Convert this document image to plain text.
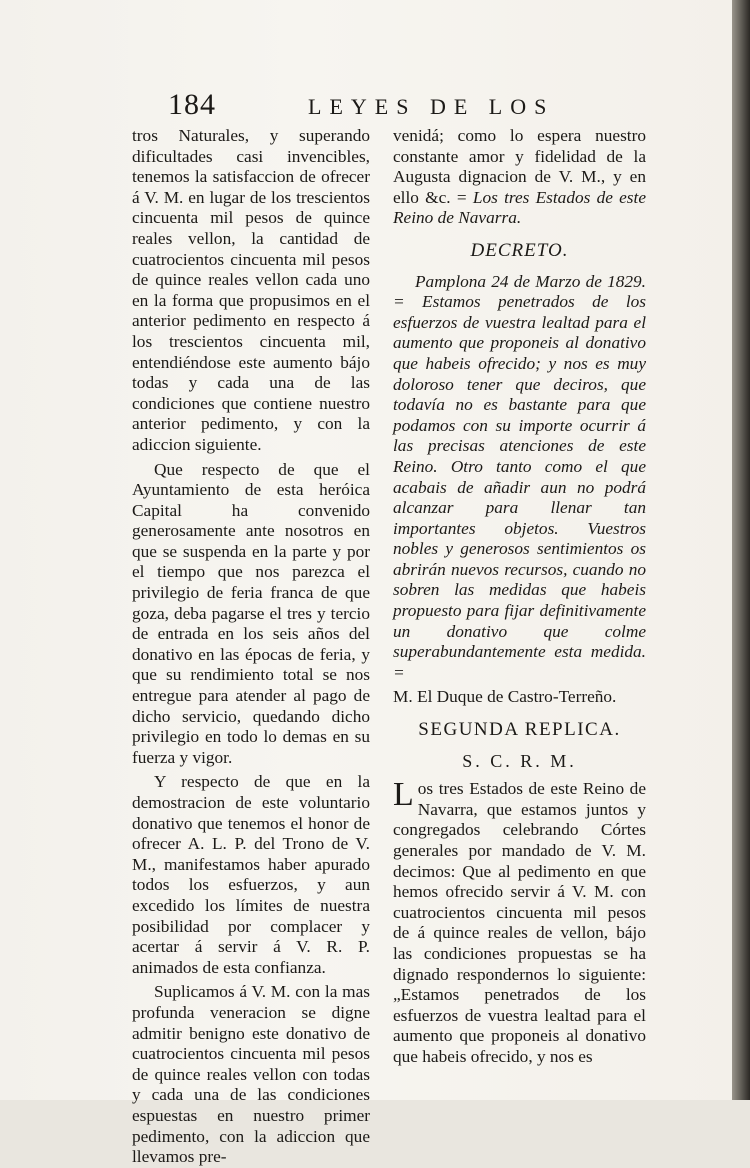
184	LEYES DE LOS

tros Naturales, y superando dificultades casi invencibles, tenemos la satisfaccion de ofrecer á V. M. en lugar de los trescientos cincuenta mil pesos de quince reales vellon, la cantidad de cuatrocientos cincuenta mil pesos de quince reales vellon cada uno en la forma que propusimos en el anterior pedimento en respecto á los trescientos cincuenta mil, entendiéndose este aumento bájo todas y cada una de las condiciones que contiene nuestro anterior pedimento, y con la adiccion siguiente.

Que respecto de que el Ayuntamiento de esta heróica Capital ha convenido generosamente ante nosotros en que se suspenda en la parte y por el tiempo que nos parezca el privilegio de feria franca de que goza, deba pagarse el tres y tercio de entrada en los seis años del donativo en las épocas de feria, y que su rendimiento total se nos entregue para atender al pago de dicho servicio, quedando dicho privilegio en todo lo demas en su fuerza y vigor.

Y respecto de que en la demostracion de este voluntario donativo que tenemos el honor de ofrecer A. L. P. del Trono de V. M., manifestamos haber apurado todos los esfuerzos, y aun excedido los límites de nuestra posibilidad por complacer y acertar á servir á V. R. P. animados de esta confianza.

Suplicamos á V. M. con la mas profunda veneracion se digne admitir benigno este donativo de cuatrocientos cincuenta mil pesos de quince reales vellon con todas y cada una de las condiciones espuestas en nuestro primer pedimento, con la adiccion que llevamos pre-

venidá; como lo espera nuestro constante amor y fidelidad de la Augusta dignacion de V. M., y en ello &c. = Los tres Estados de este Reino de Navarra.

DECRETO.

Pamplona 24 de Marzo de 1829. = Estamos penetrados de los esfuerzos de vuestra lealtad para el aumento que proponeis al donativo que habeis ofrecido; y nos es muy doloroso tener que deciros, que todavía no es bastante para que podamos con su importe ocurrir á las precisas atenciones de este Reino. Otro tanto como el que acabais de añadir aun no podrá alcanzar para llenar tan importantes objetos. Vuestros nobles y generosos sentimientos os abrirán nuevos recursos, cuando no sobren las medidas que habeis propuesto para fijar definitivamente un donativo que colme superabundantemente esta medida. =

M. El Duque de Castro-Terreño.

SEGUNDA REPLICA.
S. C. R. M.

L os tres Estados de este Reino de Navarra, que estamos juntos y congregados celebrando Córtes generales por mandado de V. M. decimos: Que al pedimento en que hemos ofrecido servir á V. M. con cuatrocientos cincuenta mil pesos de á quince reales de vellon, bájo las condiciones propuestas se ha dignado respondernos lo siguiente: „Estamos penetrados de los esfuerzos de vuestra lealtad para el aumento que proponeis al donativo que habeis ofrecido, y nos es
